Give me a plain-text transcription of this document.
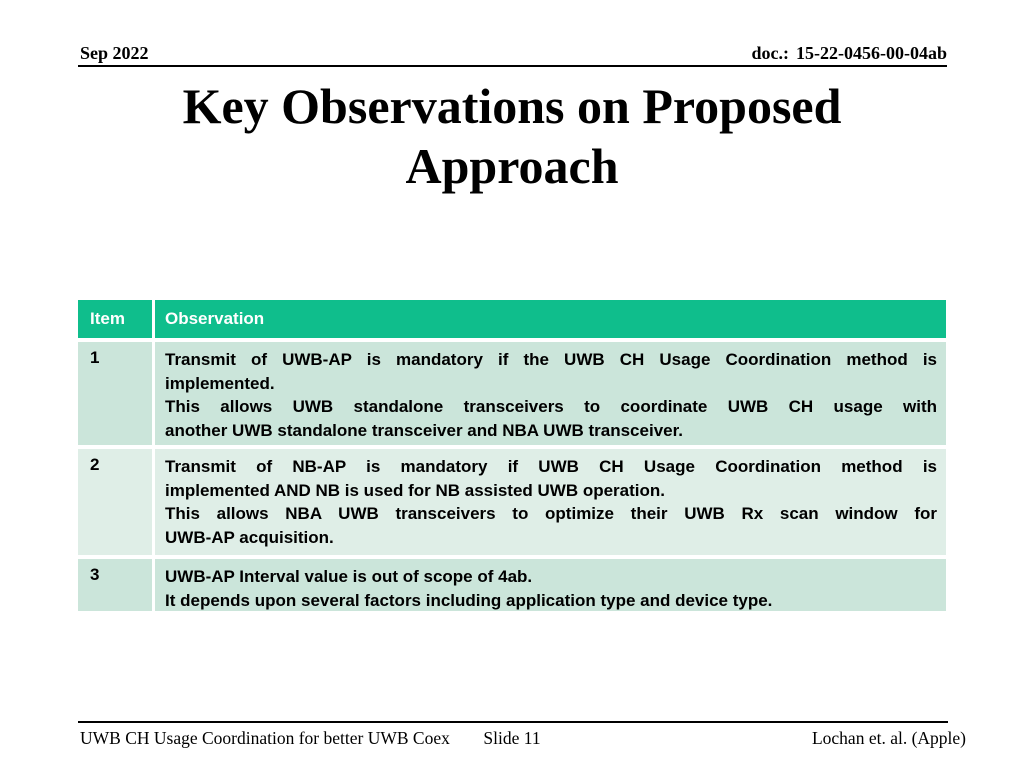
Sep 2022	doc.: 15-22-0456-00-04ab
Key Observations on Proposed
Approach
Item	Observation
1	Transmit of UWB-AP is mandatory if the UWB CH Usage Coordination method is
implemented.
This allows UWB standalone transceivers to coordinate UWB CH usage with
another UWB standalone transceiver and NBA UWB transceiver.
2	Transmit of NB-AP is mandatory if UWB CH Usage Coordination method is
implemented AND NB is used for NB assisted UWB operation.
This allows NBA UWB transceivers to optimize their UWB Rx scan window for
UWB-AP acquisition.
3	UWB-AP Interval value is out of scope of 4ab.
It depends upon several factors including application type and device type.
UWB CH Usage Coordination for better UWB Coex Slide 11	Lochan et. al. (Apple)
